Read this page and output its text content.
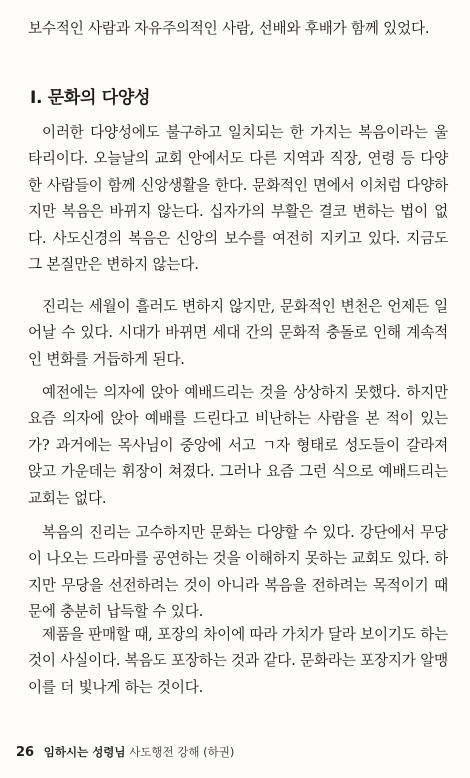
보수적인 사람과 자유주의적인 사람, 선배와 후배가 함께 있었다.

I. 문화의 다양성

이러한 다양성에도 불구하고 일치되는 한 가지는 복음이라는 울타리이다. 오늘날의 교회 안에서도 다른 지역과 직장, 연령 등 다양한 사람들이 함께 신앙생활을 한다. 문화적인 면에서 이처럼 다양하지만 복음은 바뀌지 않는다. 십자가의 부활은 결코 변하는 법이 없다. 사도신경의 복음은 신앙의 보수를 여전히 지키고 있다. 지금도 그 본질만은 변하지 않는다.

진리는 세월이 흘러도 변하지 않지만, 문화적인 변천은 언제든 일어날 수 있다. 시대가 바뀌면 세대 간의 문화적 충돌로 인해 계속적인 변화를 거듭하게 된다.

예전에는 의자에 앉아 예배드리는 것을 상상하지 못했다. 하지만 요즘 의자에 앉아 예배를 드린다고 비난하는 사람을 본 적이 있는가? 과거에는 목사님이 중앙에 서고 ㄱ자 형태로 성도들이 갈라져 앉고 가운데는 휘장이 쳐졌다. 그러나 요즘 그런 식으로 예배드리는 교회는 없다.

복음의 진리는 고수하지만 문화는 다양할 수 있다. 강단에서 무당이 나오는 드라마를 공연하는 것을 이해하지 못하는 교회도 있다. 하지만 무당을 선전하려는 것이 아니라 복음을 전하려는 목적이기 때문에 충분히 납득할 수 있다.

제품을 판매할 때, 포장의 차이에 따라 가치가 달라 보이기도 하는 것이 사실이다. 복음도 포장하는 것과 같다. 문화라는 포장지가 알맹이를 더 빛나게 하는 것이다.

26 임하시는 성령님 사도행전 강해 (하권)
